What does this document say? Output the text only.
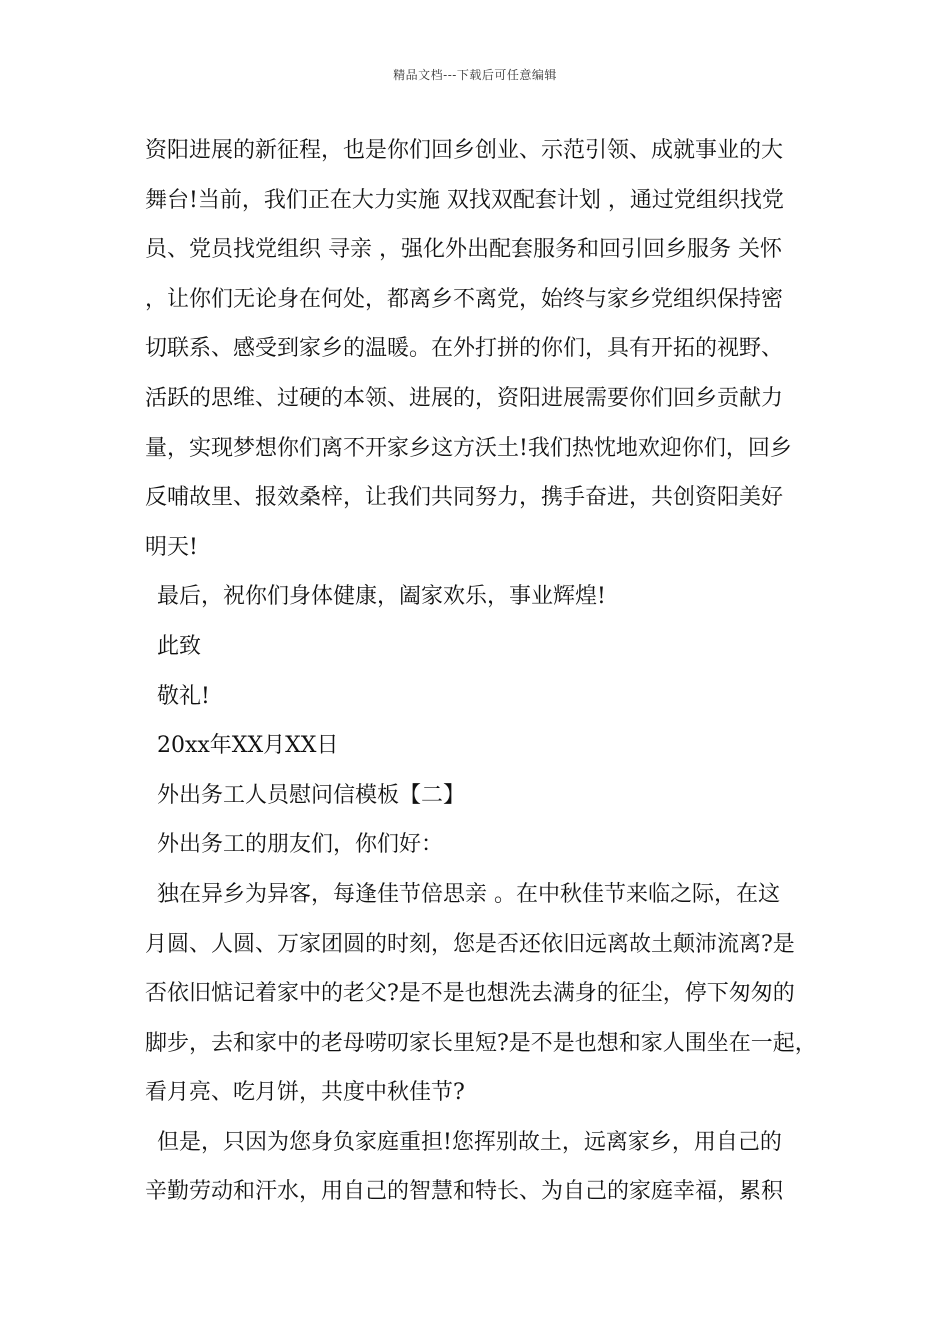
精品文档---下载后可任意编辑
资阳进展的新征程，也是你们回乡创业、示范引领、成就事业的大
舞台!当前，我们正在大力实施 双找双配套计划 ，通过党组织找党
员、党员找党组织 寻亲 ，强化外出配套服务和回引回乡服务 关怀
，让你们无论身在何处，都离乡不离党，始终与家乡党组织保持密
切联系、感受到家乡的温暖。在外打拼的你们，具有开拓的视野、
活跃的思维、过硬的本领、进展的，资阳进展需要你们回乡贡献力
量，实现梦想你们离不开家乡这方沃土!我们热忱地欢迎你们，回乡
反哺故里、报效桑梓，让我们共同努力，携手奋进，共创资阳美好
明天!
最后，祝你们身体健康，阖家欢乐，事业辉煌!
此致
敬礼!
20xx年XX月XX日
外出务工人员慰问信模板【二】
外出务工的朋友们，你们好：
独在异乡为异客，每逢佳节倍思亲 。在中秋佳节来临之际，在这
月圆、人圆、万家团圆的时刻，您是否还依旧远离故土颠沛流离?是
否依旧惦记着家中的老父?是不是也想洗去满身的征尘，停下匆匆的
脚步，去和家中的老母唠叨家长里短?是不是也想和家人围坐在一起，
看月亮、吃月饼，共度中秋佳节?
但是，只因为您身负家庭重担!您挥别故土，远离家乡，用自己的
辛勤劳动和汗水，用自己的智慧和特长、为自己的家庭幸福，累积
